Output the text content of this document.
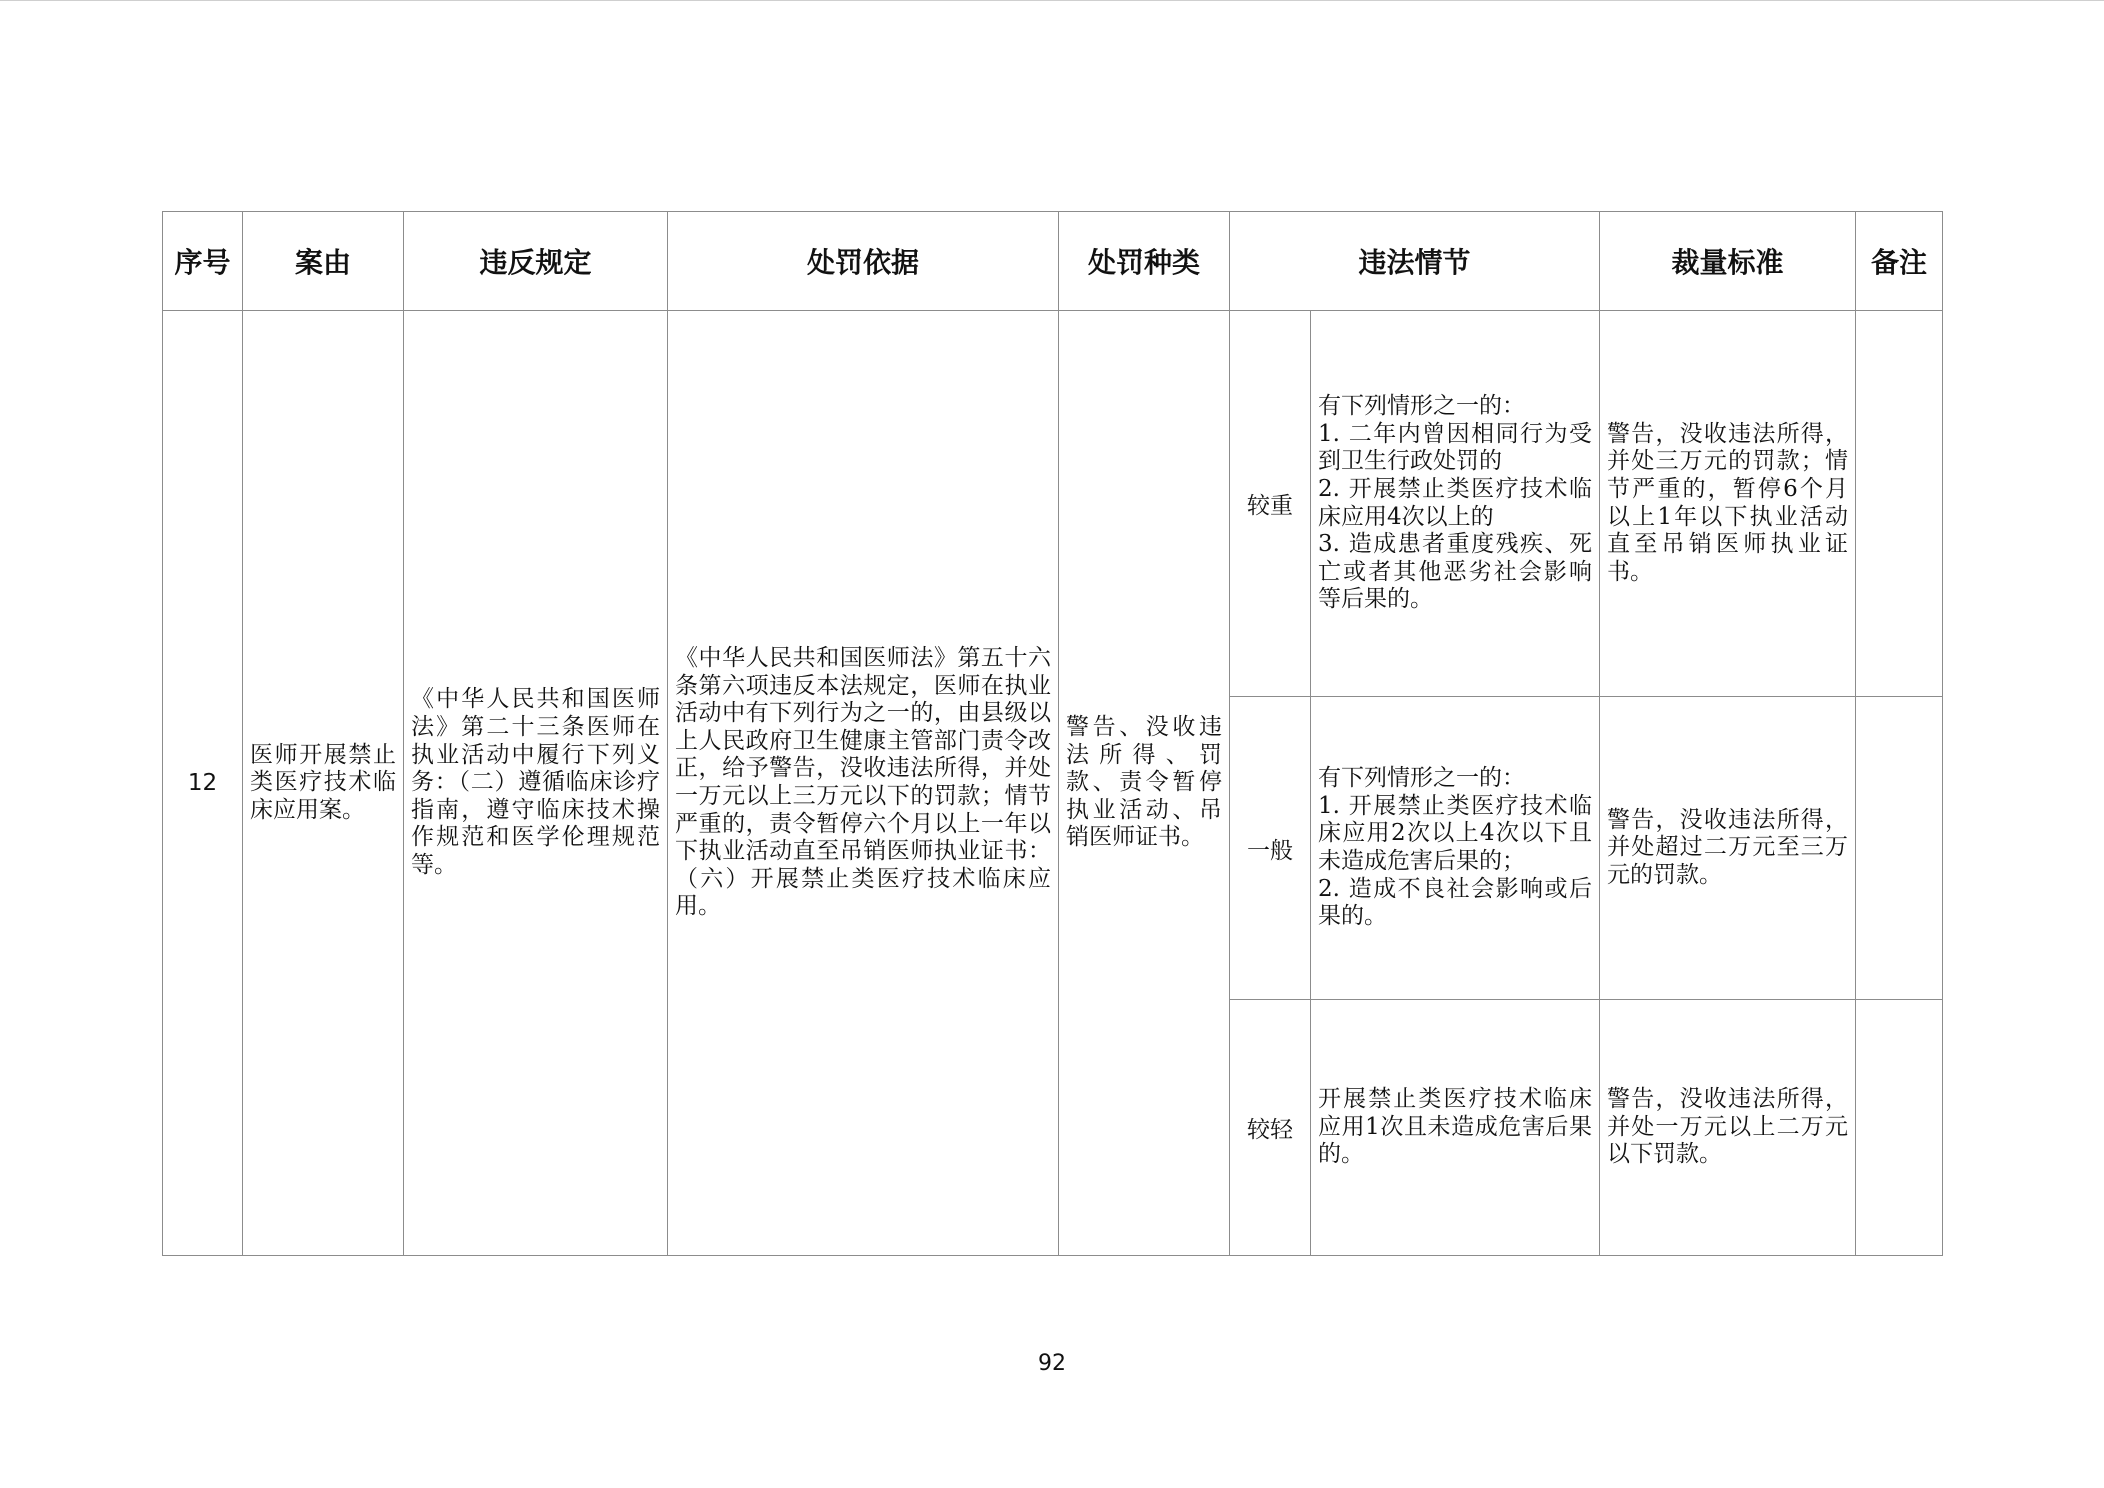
序号	案由	违反规定	处罚依据	处罚种类	违法情节		裁量标准	备注
12	医师开展禁止类医疗技术临床应用案。	《中华人民共和国医师法》第二十三条医师在执业活动中履行下列义务：（二）遵循临床诊疗指南，遵守临床技术操作规范和医学伦理规范等。	《中华人民共和国医师法》第五十六条第六项违反本法规定，医师在执业活动中有下列行为之一的，由县级以上人民政府卫生健康主管部门责令改正，给予警告，没收违法所得，并处一万元以上三万元以下的罚款；情节严重的，责令暂停六个月以上一年以下执业活动直至吊销医师执业证书：（六）开展禁止类医疗技术临床应用。	警告、没收违法所得、罚款、责令暂停执业活动、吊销医师证书。	较重	有下列情形之一的：
1. 二年内曾因相同行为受到卫生行政处罚的
2. 开展禁止类医疗技术临床应用4次以上的
3. 造成患者重度残疾、死亡或者其他恶劣社会影响等后果的。	警告，没收违法所得，并处三万元的罚款；情节严重的，暂停6个月以上1年以下执业活动直至吊销医师执业证书。	

					一般	有下列情形之一的：
1. 开展禁止类医疗技术临床应用2次以上4次以下且未造成危害后果的；
2. 造成不良社会影响或后果的。	警告，没收违法所得，并处超过二万元至三万元的罚款。	

					较轻	开展禁止类医疗技术临床应用1次且未造成危害后果的。	警告，没收违法所得，并处一万元以上二万元以下罚款。	

92
